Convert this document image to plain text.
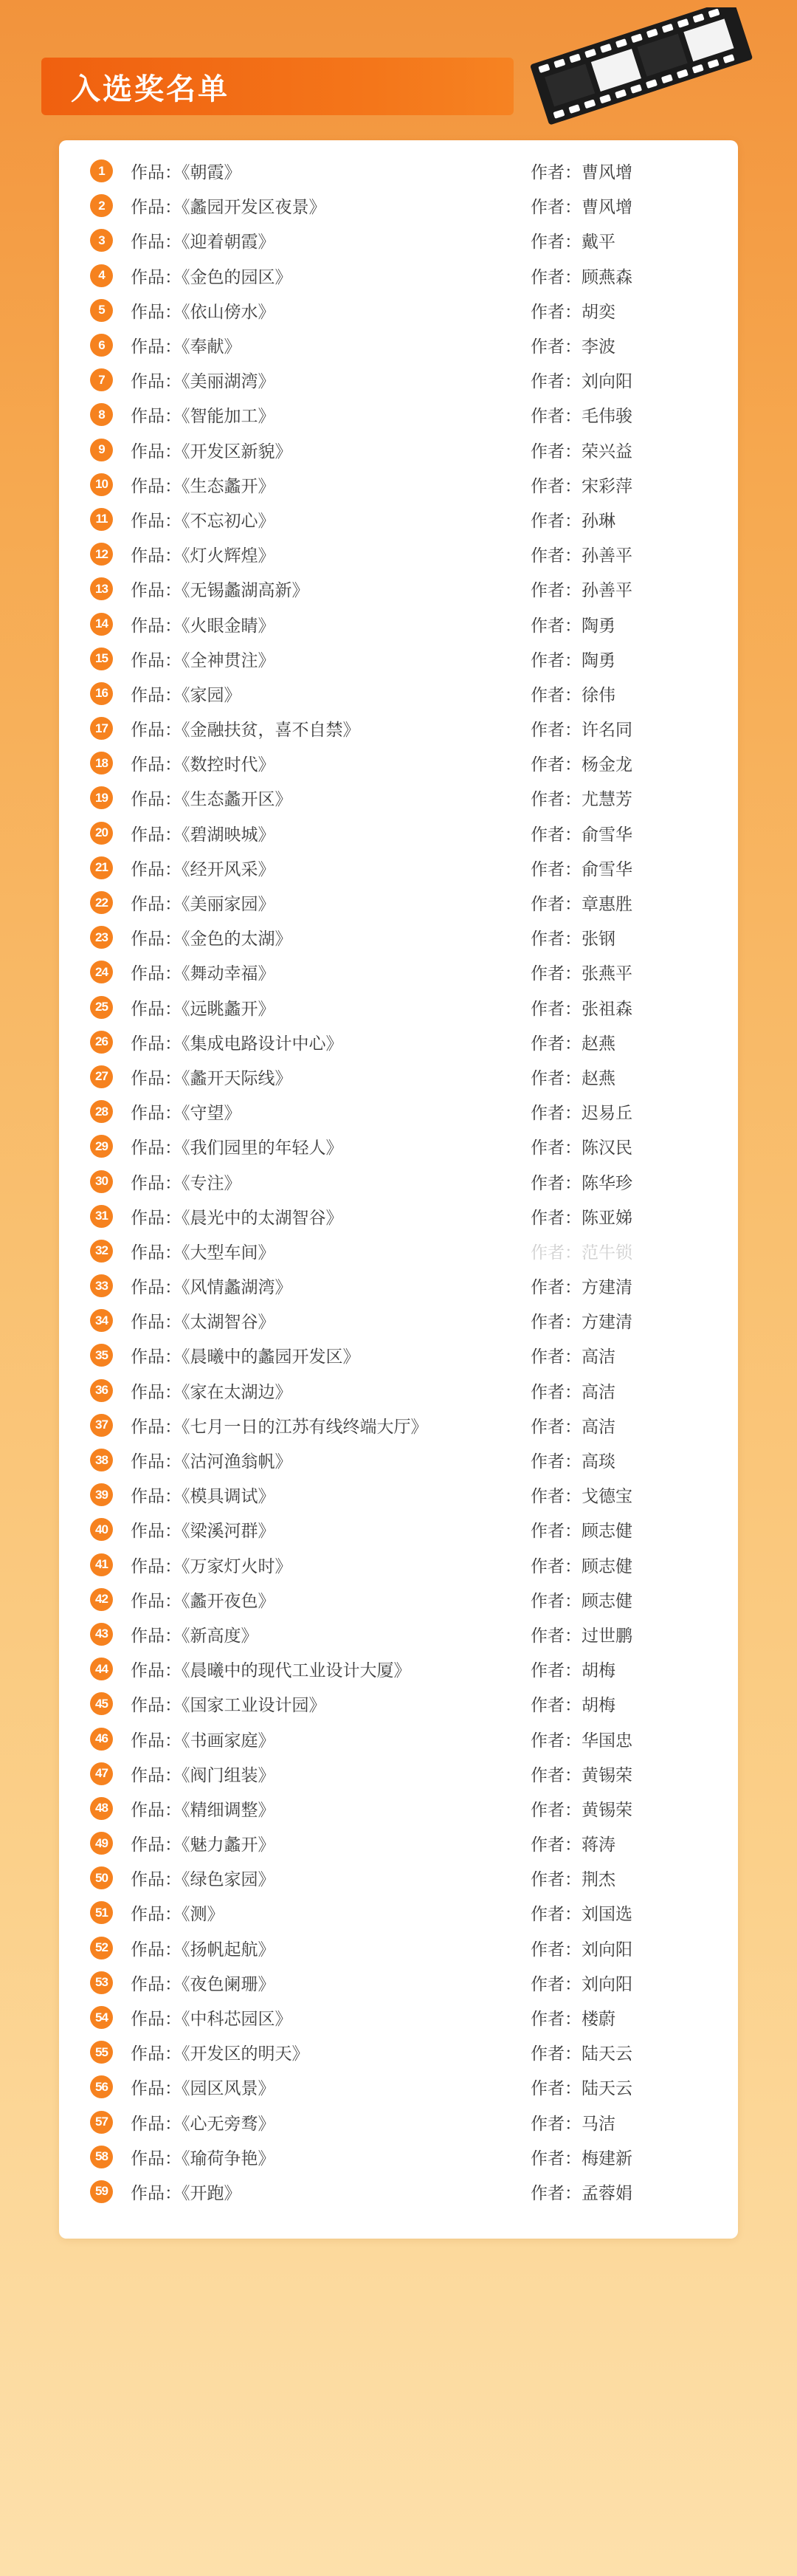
入选奖名单
1	作品：《朝霞》	作者：曹风增
2	作品：《蠡园开发区夜景》	作者：曹风增
3	作品：《迎着朝霞》	作者：戴平
4	作品：《金色的园区》	作者：顾燕森
5	作品：《依山傍水》	作者：胡奕
6	作品：《奉献》	作者：李波
7	作品：《美丽湖湾》	作者：刘向阳
8	作品：《智能加工》	作者：毛伟骏
9	作品：《开发区新貌》	作者：荣兴益
10	作品：《生态蠡开》	作者：宋彩萍
11	作品：《不忘初心》	作者：孙琳
12	作品：《灯火辉煌》	作者：孙善平
13	作品：《无锡蠡湖高新》	作者：孙善平
14	作品：《火眼金睛》	作者：陶勇
15	作品：《全神贯注》	作者：陶勇
16	作品：《家园》	作者：徐伟
17	作品：《金融扶贫，喜不自禁》	作者：许名同
18	作品：《数控时代》	作者：杨金龙
19	作品：《生态蠡开区》	作者：尤慧芳
20	作品：《碧湖映城》	作者：俞雪华
21	作品：《经开风采》	作者：俞雪华
22	作品：《美丽家园》	作者：章惠胜
23	作品：《金色的太湖》	作者：张钢
24	作品：《舞动幸福》	作者：张燕平
25	作品：《远眺蠡开》	作者：张祖森
26	作品：《集成电路设计中心》	作者：赵燕
27	作品：《蠡开天际线》	作者：赵燕
28	作品：《守望》	作者：迟易丘
29	作品：《我们园里的年轻人》	作者：陈汉民
30	作品：《专注》	作者：陈华珍
31	作品：《晨光中的太湖智谷》	作者：陈亚娣
32	作品：《大型车间》	作者：范牛锁
33	作品：《风情蠡湖湾》	作者：方建清
34	作品：《太湖智谷》	作者：方建清
35	作品：《晨曦中的蠡园开发区》	作者：高洁
36	作品：《家在太湖边》	作者：高洁
37	作品：《七月一日的江苏有线终端大厅》	作者：高洁
38	作品：《沽河渔翁帆》	作者：高琰
39	作品：《模具调试》	作者：戈德宝
40	作品：《梁溪河群》	作者：顾志健
41	作品：《万家灯火时》	作者：顾志健
42	作品：《蠡开夜色》	作者：顾志健
43	作品：《新高度》	作者：过世鹏
44	作品：《晨曦中的现代工业设计大厦》	作者：胡梅
45	作品：《国家工业设计园》	作者：胡梅
46	作品：《书画家庭》	作者：华国忠
47	作品：《阀门组装》	作者：黄锡荣
48	作品：《精细调整》	作者：黄锡荣
49	作品：《魅力蠡开》	作者：蒋涛
50	作品：《绿色家园》	作者：荆杰
51	作品：《测》	作者：刘国选
52	作品：《扬帆起航》	作者：刘向阳
53	作品：《夜色阑珊》	作者：刘向阳
54	作品：《中科芯园区》	作者：楼蔚
55	作品：《开发区的明天》	作者：陆天云
56	作品：《园区风景》	作者：陆天云
57	作品：《心无旁骛》	作者：马洁
58	作品：《瑜荷争艳》	作者：梅建新
59	作品：《开跑》	作者：孟蓉娟
